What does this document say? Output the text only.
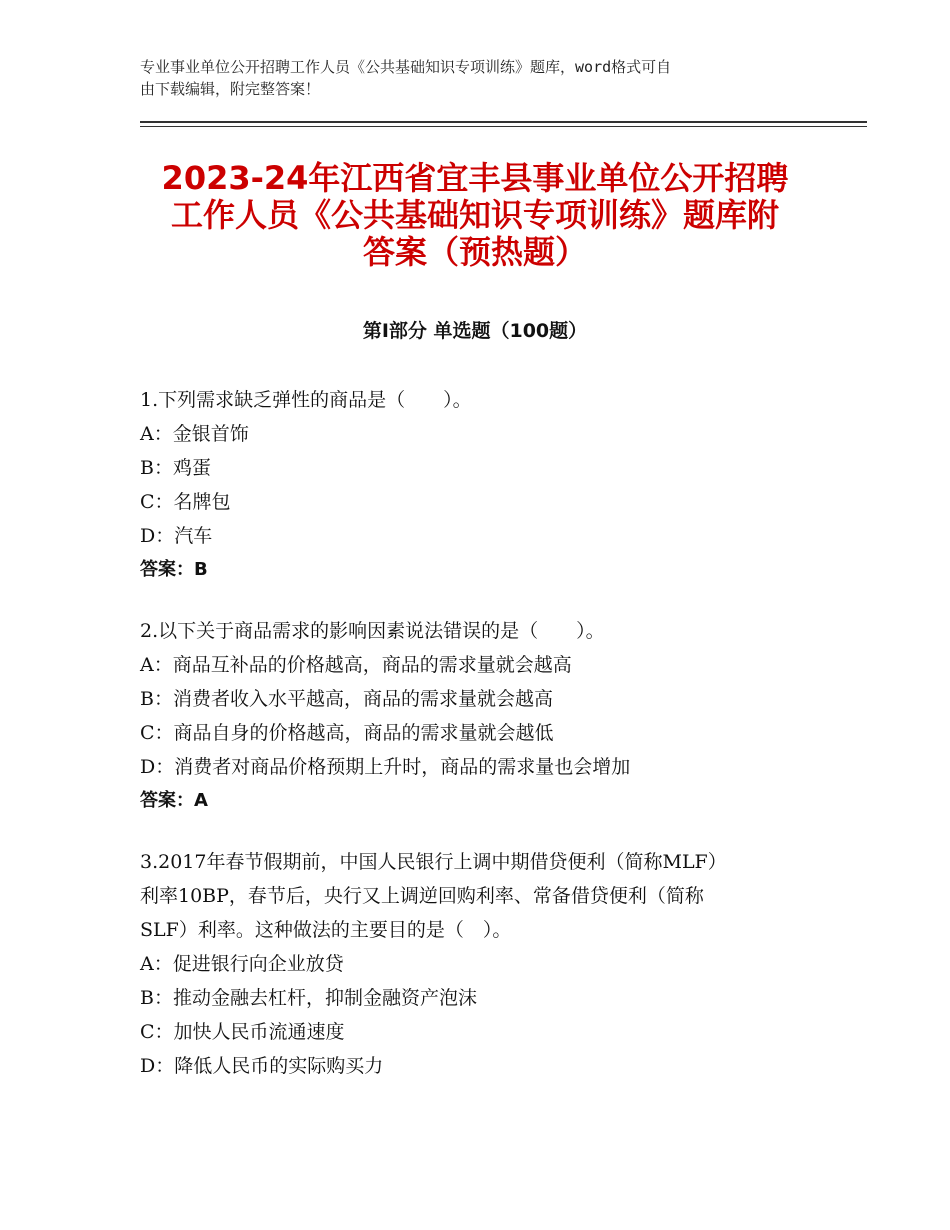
专业事业单位公开招聘工作人员《公共基础知识专项训练》题库，word格式可自
由下载编辑，附完整答案！
2023-24年江西省宜丰县事业单位公开招聘
工作人员《公共基础知识专项训练》题库附
答案（预热题）
第Ⅰ部分 单选题（100题）
1.下列需求缺乏弹性的商品是（　　）。
A：金银首饰
B：鸡蛋
C：名牌包
D：汽车
答案：B
2.以下关于商品需求的影响因素说法错误的是（　　）。
A：商品互补品的价格越高，商品的需求量就会越高
B：消费者收入水平越高，商品的需求量就会越高
C：商品自身的价格越高，商品的需求量就会越低
D：消费者对商品价格预期上升时，商品的需求量也会增加
答案：A
3.2017年春节假期前，中国人民银行上调中期借贷便利（简称MLF）
利率10BP，春节后，央行又上调逆回购利率、常备借贷便利（简称
SLF）利率。这种做法的主要目的是（　）。
A：促进银行向企业放贷
B：推动金融去杠杆，抑制金融资产泡沫
C：加快人民币流通速度
D：降低人民币的实际购买力
